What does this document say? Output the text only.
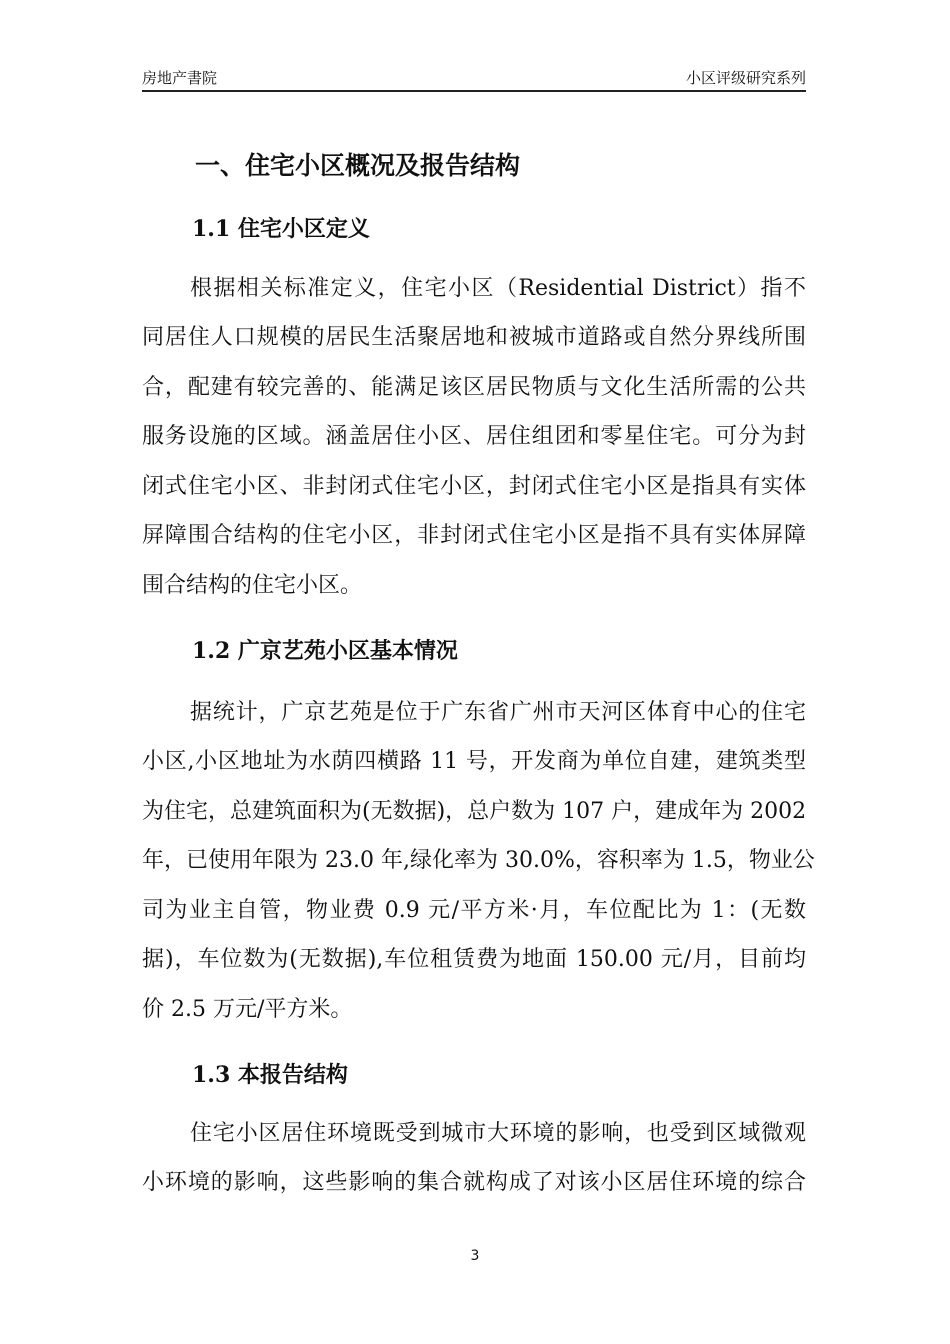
房地产書院	小区评级研究系列
一、住宅小区概况及报告结构
1.1 住宅小区定义
根据相关标准定义，住宅小区（Residential District）指不
同居住人口规模的居民生活聚居地和被城市道路或自然分界线所围
合，配建有较完善的、能满足该区居民物质与文化生活所需的公共
服务设施的区域。涵盖居住小区、居住组团和零星住宅。可分为封
闭式住宅小区、非封闭式住宅小区，封闭式住宅小区是指具有实体
屏障围合结构的住宅小区，非封闭式住宅小区是指不具有实体屏障
围合结构的住宅小区。
1.2 广京艺苑小区基本情况
据统计，广京艺苑是位于广东省广州市天河区体育中心的住宅
小区,小区地址为水荫四横路 11 号，开发商为单位自建，建筑类型
为住宅，总建筑面积为(无数据)，总户数为 107 户，建成年为 2002
年，已使用年限为 23.0 年,绿化率为 30.0%，容积率为 1.5，物业公
司为业主自管，物业费 0.9 元/平方米·月，车位配比为 1：(无数
据)，车位数为(无数据),车位租赁费为地面 150.00 元/月，目前均
价 2.5 万元/平方米。
1.3 本报告结构
住宅小区居住环境既受到城市大环境的影响，也受到区域微观
小环境的影响，这些影响的集合就构成了对该小区居住环境的综合
3
